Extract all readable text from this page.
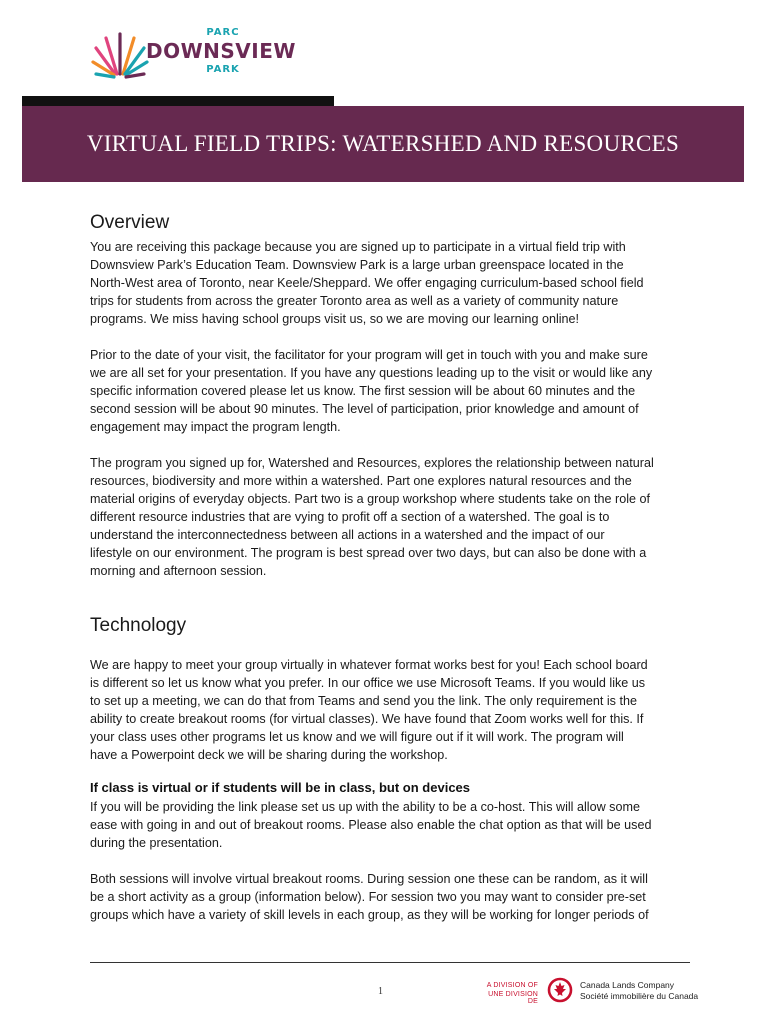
PARC
DOWNSVIEW
PARK
VIRTUAL FIELD TRIPS: WATERSHED AND RESOURCES
Overview
You are receiving this package because you are signed up to participate in a virtual field trip with
Downsview Park’s Education Team. Downsview Park is a large urban greenspace located in the
North-West area of Toronto, near Keele/Sheppard. We offer engaging curriculum-based school field
trips for students from across the greater Toronto area as well as a variety of community nature
programs. We miss having school groups visit us, so we are moving our learning online!
Prior to the date of your visit, the facilitator for your program will get in touch with you and make sure
we are all set for your presentation. If you have any questions leading up to the visit or would like any
specific information covered please let us know. The first session will be about 60 minutes and the
second session will be about 90 minutes. The level of participation, prior knowledge and amount of
engagement may impact the program length.
The program you signed up for, Watershed and Resources, explores the relationship between natural
resources, biodiversity and more within a watershed. Part one explores natural resources and the
material origins of everyday objects. Part two is a group workshop where students take on the role of
different resource industries that are vying to profit off a section of a watershed. The goal is to
understand the interconnectedness between all actions in a watershed and the impact of our
lifestyle on our environment. The program is best spread over two days, but can also be done with a
morning and afternoon session.
Technology
We are happy to meet your group virtually in whatever format works best for you! Each school board
is different so let us know what you prefer. In our office we use Microsoft Teams. If you would like us
to set up a meeting, we can do that from Teams and send you the link. The only requirement is the
ability to create breakout rooms (for virtual classes). We have found that Zoom works well for this. If
your class uses other programs let us know and we will figure out if it will work. The program will
have a Powerpoint deck we will be sharing during the workshop.
If class is virtual or if students will be in class, but on devices
If you will be providing the link please set us up with the ability to be a co-host. This will allow some
ease with going in and out of breakout rooms. Please also enable the chat option as that will be used
during the presentation.
Both sessions will involve virtual breakout rooms. During session one these can be random, as it will
be a short activity as a group (information below). For session two you may want to consider pre-set
groups which have a variety of skill levels in each group, as they will be working for longer periods of
1
A DIVISION OF
UNE DIVISION DE
Canada Lands Company
Société immobilière du Canada
